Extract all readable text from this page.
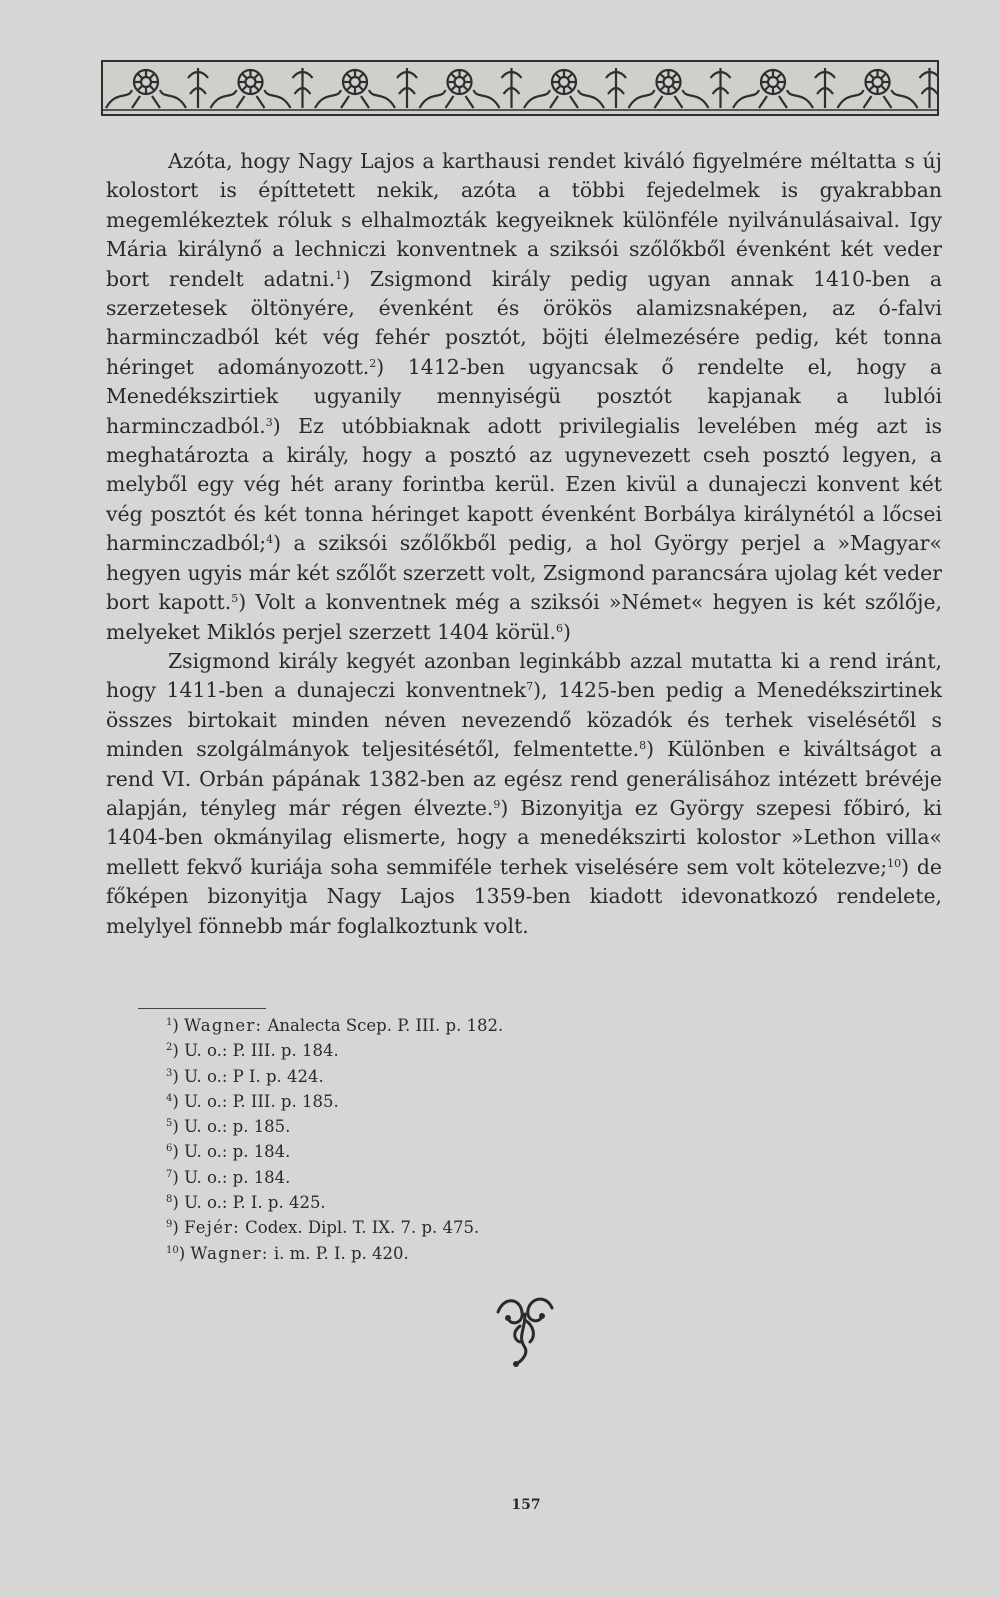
Azóta, hogy Nagy Lajos a karthausi rendet kiváló figyelmére méltatta s új kolostort is építtetett nekik, azóta a többi fejedelmek is gyakrabban megemlékeztek róluk s elhalmozták kegyeiknek különféle nyilvánulásaival. Igy Mária királynő a lechniczi konventnek a sziksói szőlőkből évenként két veder bort rendelt adatni.$^1$) Zsigmond király pedig ugyan annak 1410-ben a szerzetesek öltönyére, évenként és örökös alamizsnaképen, az ó-falvi harminczadból két vég fehér posztót, böjti élelmezésére pedig, két tonna héringet adományozott.$^2$) 1412-ben ugyancsak ő rendelte el, hogy a Menedékszirtiek ugyanily mennyiségü posztót kapjanak a lublói harminczadból.$^3$) Ez utóbbiaknak adott privilegialis levelében még azt is meghatározta a király, hogy a posztó az ugynevezett cseh posztó legyen, a melyből egy vég hét arany forintba kerül. Ezen kivül a dunajeczi konvent két vég posztót és két tonna héringet kapott évenként Borbálya királynétól a lőcsei harminczadból;$^4$) a sziksói szőlőkből pedig, a hol György perjel a »Magyar« hegyen ugyis már két szőlőt szerzett volt, Zsigmond parancsára ujolag két veder bort kapott.$^5$) Volt a konventnek még a sziksói »Német« hegyen is két szőlője, melyeket Miklós perjel szerzett 1404 körül.$^6$)

Zsigmond király kegyét azonban leginkább azzal mutatta ki a rend iránt, hogy 1411-ben a dunajeczi konventnek$^7$), 1425-ben pedig a Menedékszirtinek összes birtokait minden néven nevezendő közadók és terhek viselésétől s minden szolgálmányok teljesitésétől, felmentette.$^8$) Különben e kiváltságot a rend VI. Orbán pápának 1382-ben az egész rend generálisához intézett brévéje alapján, tényleg már régen élvezte.$^9$) Bizonyitja ez György szepesi főbiró, ki 1404-ben okmányilag elismerte, hogy a menedékszirti kolostor »Lethon villa« mellett fekvő kuriája soha semmiféle terhek viselésére sem volt kötelezve;$^{10}$) de főképen bizonyitja Nagy Lajos 1359-ben kiadott idevonatkozó rendelete, melylyel fönnebb már foglalkoztunk volt.

$^1$) Wagner: Analecta Scep. P. III. p. 182.
$^2$) U. o.: P. III. p. 184.
$^3$) U. o.: P I. p. 424.
$^4$) U. o.: P. III. p. 185.
$^5$) U. o.: p. 185.
$^6$) U. o.: p. 184.
$^7$) U. o.: p. 184.
$^8$) U. o.: P. I. p. 425.
$^9$) Fejér: Codex. Dipl. T. IX. 7. p. 475.
$^{10}$) Wagner: i. m. P. I. p. 420.
157
